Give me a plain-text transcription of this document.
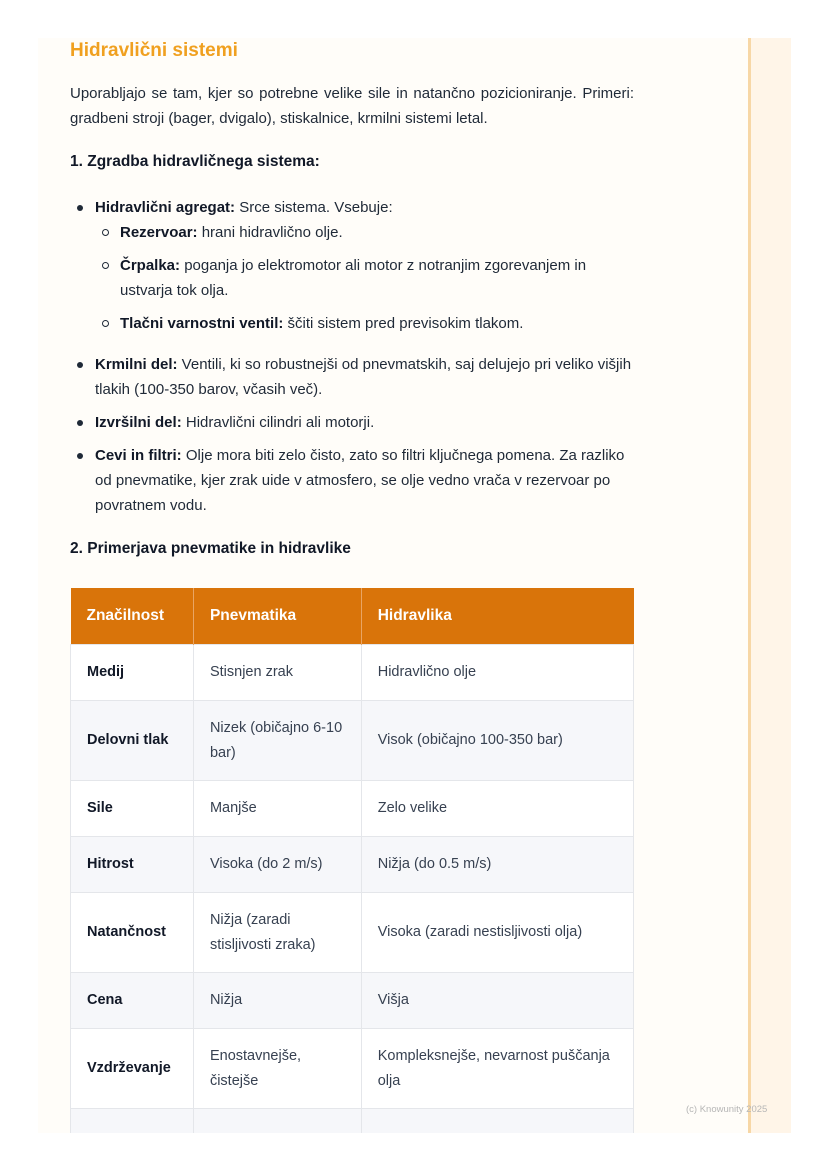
Hidravlični sistemi

Uporabljajo se tam, kjer so potrebne velike sile in natančno pozicioniranje. Primeri: gradbeni stroji (bager, dvigalo), stiskalnice, krmilni sistemi letal.

1. Zgradba hidravličnega sistema:
Hidravlični agregat: Srce sistema. Vsebuje:
Rezervoar: hrani hidravlično olje.
Črpalka: poganja jo elektromotor ali motor z notranjim zgorevanjem in ustvarja tok olja.
Tlačni varnostni ventil: ščiti sistem pred previsokim tlakom.
Krmilni del: Ventili, ki so robustnejši od pnevmatskih, saj delujejo pri veliko višjih tlakih (100-350 barov, včasih več).
Izvršilni del: Hidravlični cilindri ali motorji.
Cevi in filtri: Olje mora biti zelo čisto, zato so filtri ključnega pomena. Za razliko od pnevmatike, kjer zrak uide v atmosfero, se olje vedno vrača v rezervoar po povratnem vodu.
2. Primerjava pnevmatike in hidravlike
Značilnost	Pnevmatika	Hidravlika
Medij	Stisnjen zrak	Hidravlično olje
Delovni tlak	Nizek (običajno 6-10 bar)	Visok (običajno 100-350 bar)
Sile	Manjše	Zelo velike
Hitrost	Visoka (do 2 m/s)	Nižja (do 0.5 m/s)
Natančnost	Nižja (zaradi stisljivosti zraka)	Visoka (zaradi nestisljivosti olja)
Cena	Nižja	Višja
Vzdrževanje	Enostavnejše, čistejše	Kompleksnejše, nevarnost puščanja olja

(c) Knowunity 2025
